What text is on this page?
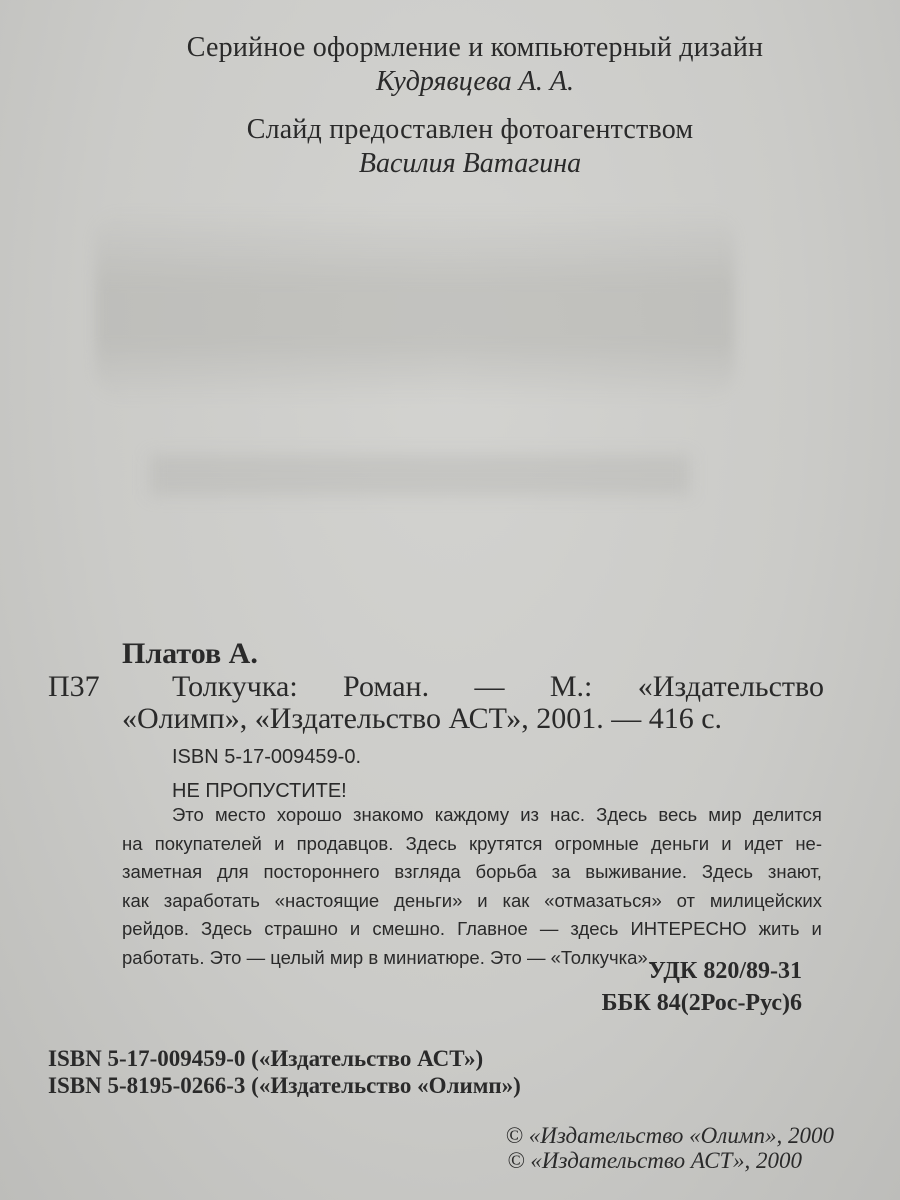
Серийное оформление и компьютерный дизайн
Кудрявцева А. А.
Слайд предоставлен фотоагентством
Василия Ватагина
Платов А.
П37 Толкучка: Роман. — М.: «Издательство
«Олимп», «Издательство АСТ», 2001. — 416 с.
ISBN 5-17-009459-0.
НЕ ПРОПУСТИТЕ!
Это место хорошо знакомо каждому из нас. Здесь весь мир делится
на покупателей и продавцов. Здесь крутятся огромные деньги и идет не-
заметная для постороннего взгляда борьба за выживание. Здесь знают,
как заработать «настоящие деньги» и как «отмазаться» от милицейских
рейдов. Здесь страшно и смешно. Главное — здесь ИНТЕРЕСНО жить и
работать. Это — целый мир в миниатюре. Это — «Толкучка».
УДК 820/89-31
ББК 84(2Рос-Рус)6
ISBN 5-17-009459-0 («Издательство АСТ»)
ISBN 5-8195-0266-3 («Издательство «Олимп»)
© «Издательство «Олимп», 2000
© «Издательство АСТ», 2000
